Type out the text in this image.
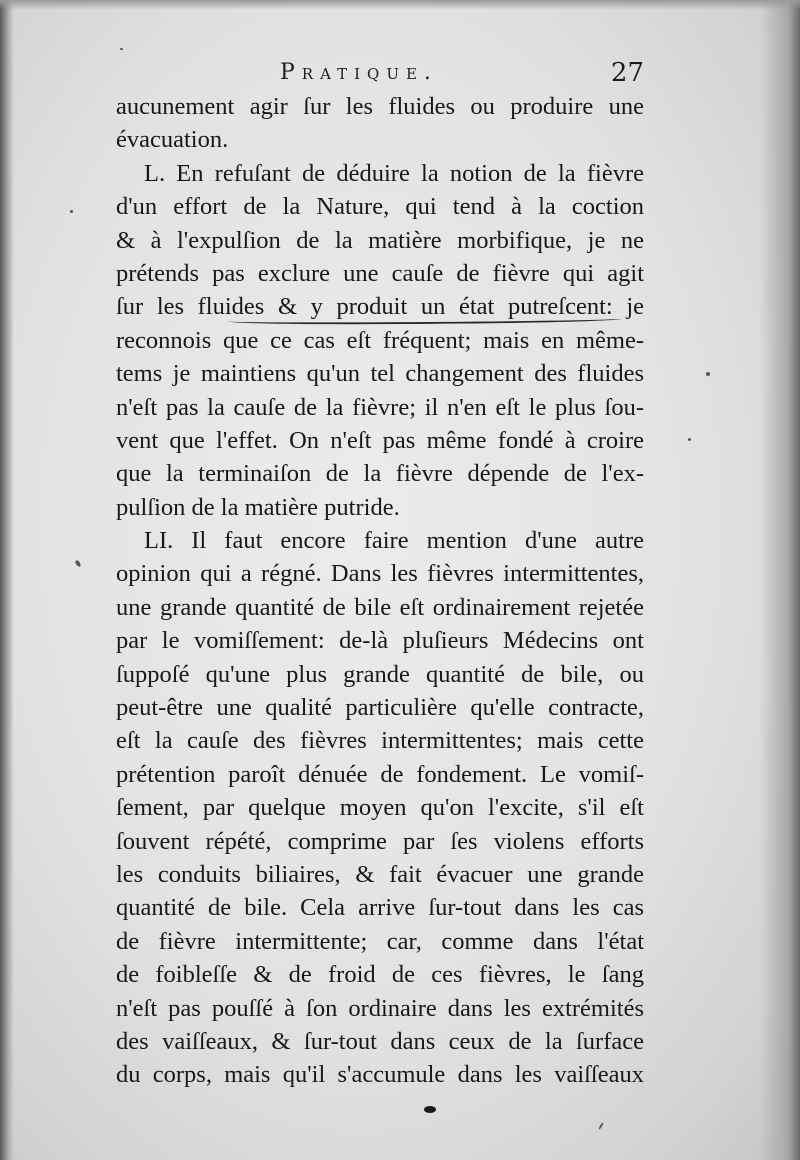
Pratique.	27
aucunement agir ſur les fluides ou produire une
évacuation.
L. En refuſant de déduire la notion de la fièvre
d'un effort de la Nature, qui tend à la coction
& à l'expulſion de la matière morbifique, je ne
prétends pas exclure une cauſe de fièvre qui agit
ſur les fluides & y produit un état putreſcent: je
reconnois que ce cas eſt fréquent; mais en même-
tems je maintiens qu'un tel changement des fluides
n'eſt pas la cauſe de la fièvre; il n'en eſt le plus ſou-
vent que l'effet. On n'eſt pas même fondé à croire
que la terminaiſon de la fièvre dépende de l'ex-
pulſion de la matière putride.
LI. Il faut encore faire mention d'une autre
opinion qui a régné. Dans les fièvres intermittentes,
une grande quantité de bile eſt ordinairement rejetée
par le vomiſſement: de-là pluſieurs Médecins ont
ſuppoſé qu'une plus grande quantité de bile, ou
peut-être une qualité particulière qu'elle contracte,
eſt la cauſe des fièvres intermittentes; mais cette
prétention paroît dénuée de fondement. Le vomiſ-
ſement, par quelque moyen qu'on l'excite, s'il eſt
ſouvent répété, comprime par ſes violens efforts
les conduits biliaires, & fait évacuer une grande
quantité de bile. Cela arrive ſur-tout dans les cas
de fièvre intermittente; car, comme dans l'état
de foibleſſe & de froid de ces fièvres, le ſang
n'eſt pas pouſſé à ſon ordinaire dans les extrémités
des vaiſſeaux, & ſur-tout dans ceux de la ſurface
du corps, mais qu'il s'accumule dans les vaiſſeaux
